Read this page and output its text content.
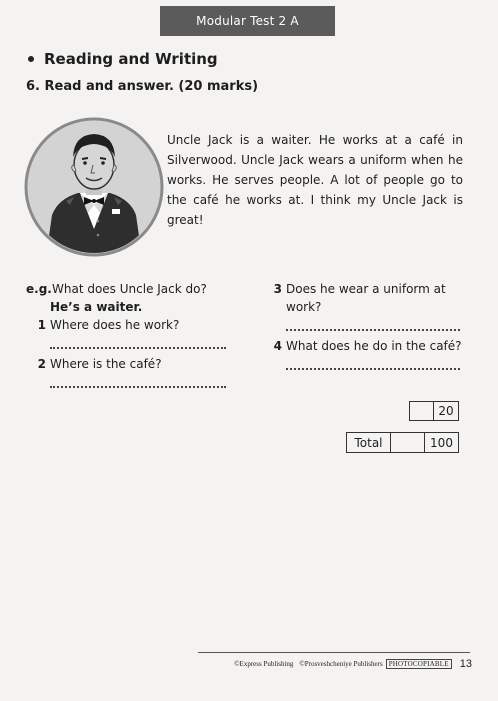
Modular Test 2 A
Reading and Writing
6. Read and answer. (20 marks)

Uncle Jack is a waiter. He works at a café in Silverwood. Uncle Jack wears a uniform when he works. He serves people. A lot of people go to the café he works at. I think my Uncle Jack is great!

e.g. What does Uncle Jack do?
He’s a waiter.
1 Where does he work?
2 Where is the café?
3 Does he wear a uniform at work?
4 What does he do in the café?
20
Total	100
©Express Publishing ©Prosveshcheniye Publishers PHOTOCOPIABLE 13
